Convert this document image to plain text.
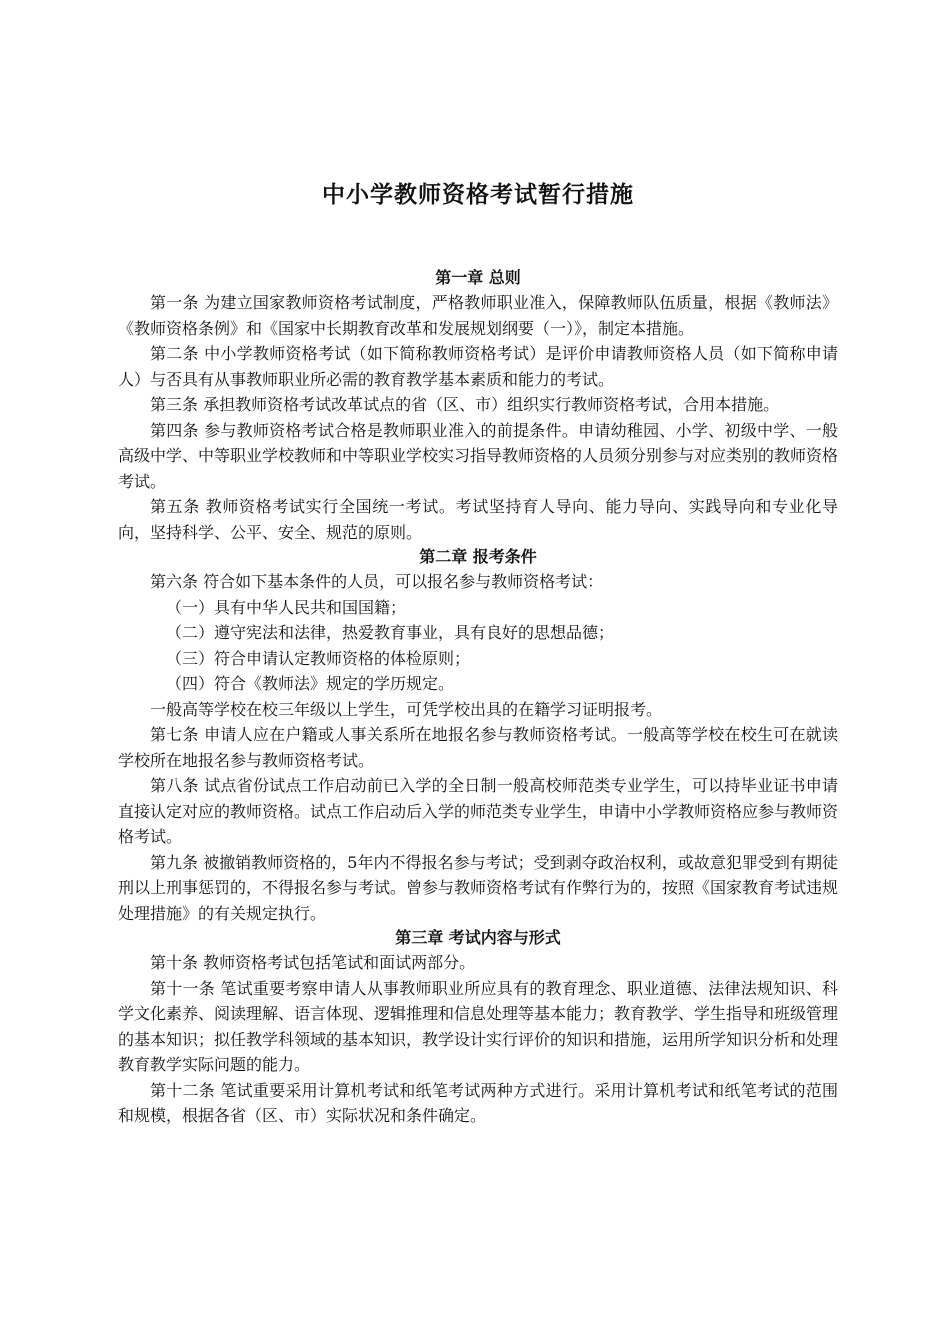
中小学教师资格考试暂行措施
第一章 总则

第一条 为建立国家教师资格考试制度，严格教师职业准入，保障教师队伍质量，根据《教师法》《教师资格条例》和《国家中长期教育改革和发展规划纲要（一）》，制定本措施。

第二条 中小学教师资格考试（如下简称教师资格考试）是评价申请教师资格人员（如下简称申请人）与否具有从事教师职业所必需的教育教学基本素质和能力的考试。

第三条 承担教师资格考试改革试点的省（区、市）组织实行教师资格考试，合用本措施。

第四条 参与教师资格考试合格是教师职业准入的前提条件。申请幼稚园、小学、初级中学、一般高级中学、中等职业学校教师和中等职业学校实习指导教师资格的人员须分别参与对应类别的教师资格考试。

第五条 教师资格考试实行全国统一考试。考试坚持育人导向、能力导向、实践导向和专业化导向，坚持科学、公平、安全、规范的原则。

第二章 报考条件

第六条 符合如下基本条件的人员，可以报名参与教师资格考试：

（一）具有中华人民共和国国籍；

（二）遵守宪法和法律，热爱教育事业，具有良好的思想品德；

（三）符合申请认定教师资格的体检原则；

（四）符合《教师法》规定的学历规定。

一般高等学校在校三年级以上学生，可凭学校出具的在籍学习证明报考。

第七条 申请人应在户籍或人事关系所在地报名参与教师资格考试。一般高等学校在校生可在就读学校所在地报名参与教师资格考试。

第八条 试点省份试点工作启动前已入学的全日制一般高校师范类专业学生，可以持毕业证书申请直接认定对应的教师资格。试点工作启动后入学的师范类专业学生，申请中小学教师资格应参与教师资格考试。

第九条 被撤销教师资格的，5年内不得报名参与考试；受到剥夺政治权利，或故意犯罪受到有期徒刑以上刑事惩罚的，不得报名参与考试。曾参与教师资格考试有作弊行为的，按照《国家教育考试违规处理措施》的有关规定执行。

第三章 考试内容与形式

第十条 教师资格考试包括笔试和面试两部分。

第十一条 笔试重要考察申请人从事教师职业所应具有的教育理念、职业道德、法律法规知识、科学文化素养、阅读理解、语言体现、逻辑推理和信息处理等基本能力；教育教学、学生指导和班级管理的基本知识；拟任教学科领域的基本知识，教学设计实行评价的知识和措施，运用所学知识分析和处理教育教学实际问题的能力。

第十二条 笔试重要采用计算机考试和纸笔考试两种方式进行。采用计算机考试和纸笔考试的范围和规模，根据各省（区、市）实际状况和条件确定。
